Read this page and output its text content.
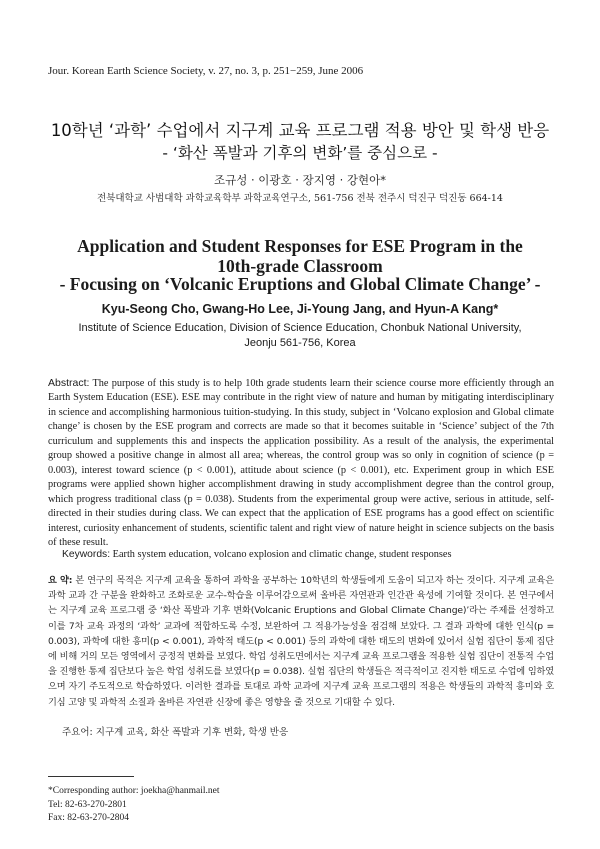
Jour. Korean Earth Science Society, v. 27, no. 3, p. 251−259, June 2006
10학년 ‘과학’ 수업에서 지구계 교육 프로그램 적용 방안 및 학생 반응
- ‘화산 폭발과 기후의 변화’를 중심으로 -
조규성 · 이광호 · 장지영 · 강현아*
전북대학교 사범대학 과학교육학부 과학교육연구소, 561-756 전북 전주시 덕진구 덕진동 664-14
Application and Student Responses for ESE Program in the
10th-grade Classroom
- Focusing on ‘Volcanic Eruptions and Global Climate Change’ -
Kyu-Seong Cho, Gwang-Ho Lee, Ji-Young Jang, and Hyun-A Kang*
Institute of Science Education, Division of Science Education, Chonbuk National University,
Jeonju 561-756, Korea

Abstract: The purpose of this study is to help 10th grade students learn their science course more efficiently through an Earth System Education (ESE). ESE may contribute in the right view of nature and human by mitigating interdisciplinary in science and accomplishing harmonious tuition-studying. In this study, subject in ‘Volcano explosion and Global climate change’ is chosen by the ESE program and corrects are made so that it becomes suitable in ‘Science’ subject of the 7th curriculum and supplements this and inspects the application possibility. As a result of the analysis, the experimental group showed a positive change in almost all area; whereas, the control group was so only in cognition of science (p = 0.003), interest toward science (p < 0.001), attitude about science (p < 0.001), etc. Experiment group in which ESE programs were applied shown higher accomplishment drawing in study accomplishment degree than the control group, which progress traditional class (p = 0.038). Students from the experimental group were active, serious in attitude, self-directed in their studies during class. We can expect that the application of ESE programs has a good effect on scientific interest, curiosity enhancement of students, scientific talent and right view of nature height in science subjects on the basis of these result.

Keywords: Earth system education, volcano explosion and climatic change, student responses

요 약: 본 연구의 목적은 지구계 교육을 통하여 과학을 공부하는 10학년의 학생들에게 도움이 되고자 하는 것이다. 지구계 교육은 과학 교과 간 구분을 완화하고 조화로운 교수-학습을 이루어감으로써 올바른 자연관과 인간관 육성에 기여할 것이다. 본 연구에서는 지구계 교육 프로그램 중 ‘화산 폭발과 기후 변화(Volcanic Eruptions and Global Climate Change)’라는 주제를 선정하고 이를 7차 교육 과정의 ‘과학’ 교과에 적합하도록 수정, 보완하여 그 적용가능성을 점검해 보았다. 그 결과 과학에 대한 인식(p = 0.003), 과학에 대한 흥미(p < 0.001), 과학적 태도(p < 0.001) 등의 과학에 대한 태도의 변화에 있어서 실험 집단이 통제 집단에 비해 거의 모든 영역에서 긍정적 변화를 보였다. 학업 성취도면에서는 지구계 교육 프로그램을 적용한 실험 집단이 전통적 수업을 진행한 통제 집단보다 높은 학업 성취도를 보였다(p = 0.038). 실험 집단의 학생들은 적극적이고 진지한 태도로 수업에 임하였으며 자기 주도적으로 학습하였다. 이러한 결과를 토대로 과학 교과에 지구계 교육 프로그램의 적용은 학생들의 과학적 흥미와 호기심 고양 및 과학적 소질과 올바른 자연관 신장에 좋은 영향을 줄 것으로 기대할 수 있다.

주요어: 지구계 교육, 화산 폭발과 기후 변화, 학생 반응
*Corresponding author: joekha@hanmail.net
Tel: 82-63-270-2801
Fax: 82-63-270-2804
